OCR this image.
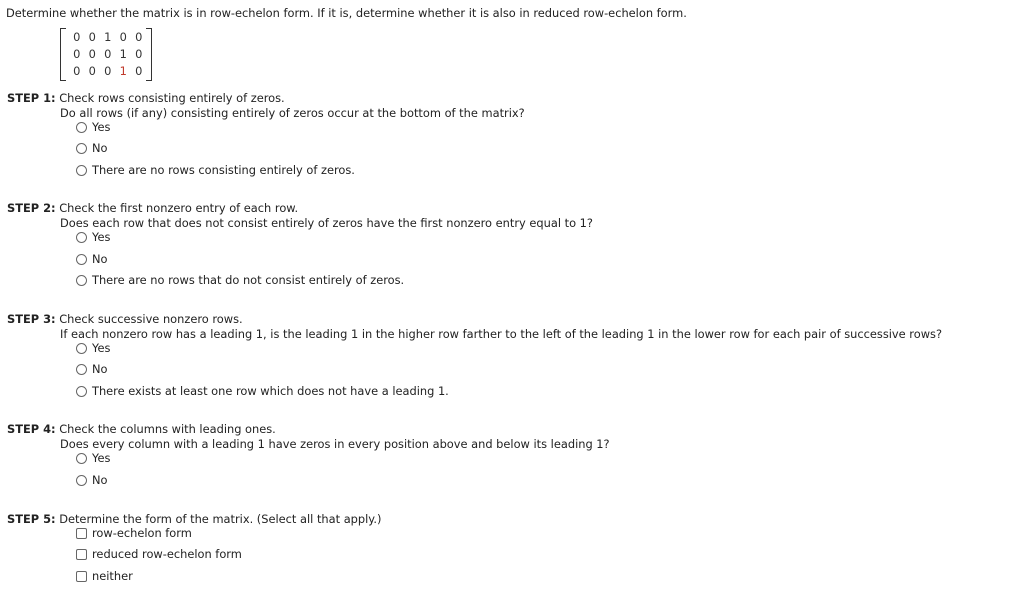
Determine whether the matrix is in row-echelon form. If it is, determine whether it is also in reduced row-echelon form.
0 0 1 0 0
0 0 0 1 0
0 0 0 1 0
STEP 1: Check rows consisting entirely of zeros.
Do all rows (if any) consisting entirely of zeros occur at the bottom of the matrix?
Yes
No
There are no rows consisting entirely of zeros.
STEP 2: Check the first nonzero entry of each row.
Does each row that does not consist entirely of zeros have the first nonzero entry equal to 1?
Yes
No
There are no rows that do not consist entirely of zeros.
STEP 3: Check successive nonzero rows.
If each nonzero row has a leading 1, is the leading 1 in the higher row farther to the left of the leading 1 in the lower row for each pair of successive rows?
Yes
No
There exists at least one row which does not have a leading 1.
STEP 4: Check the columns with leading ones.
Does every column with a leading 1 have zeros in every position above and below its leading 1?
Yes
No
STEP 5: Determine the form of the matrix. (Select all that apply.)
row-echelon form
reduced row-echelon form
neither
